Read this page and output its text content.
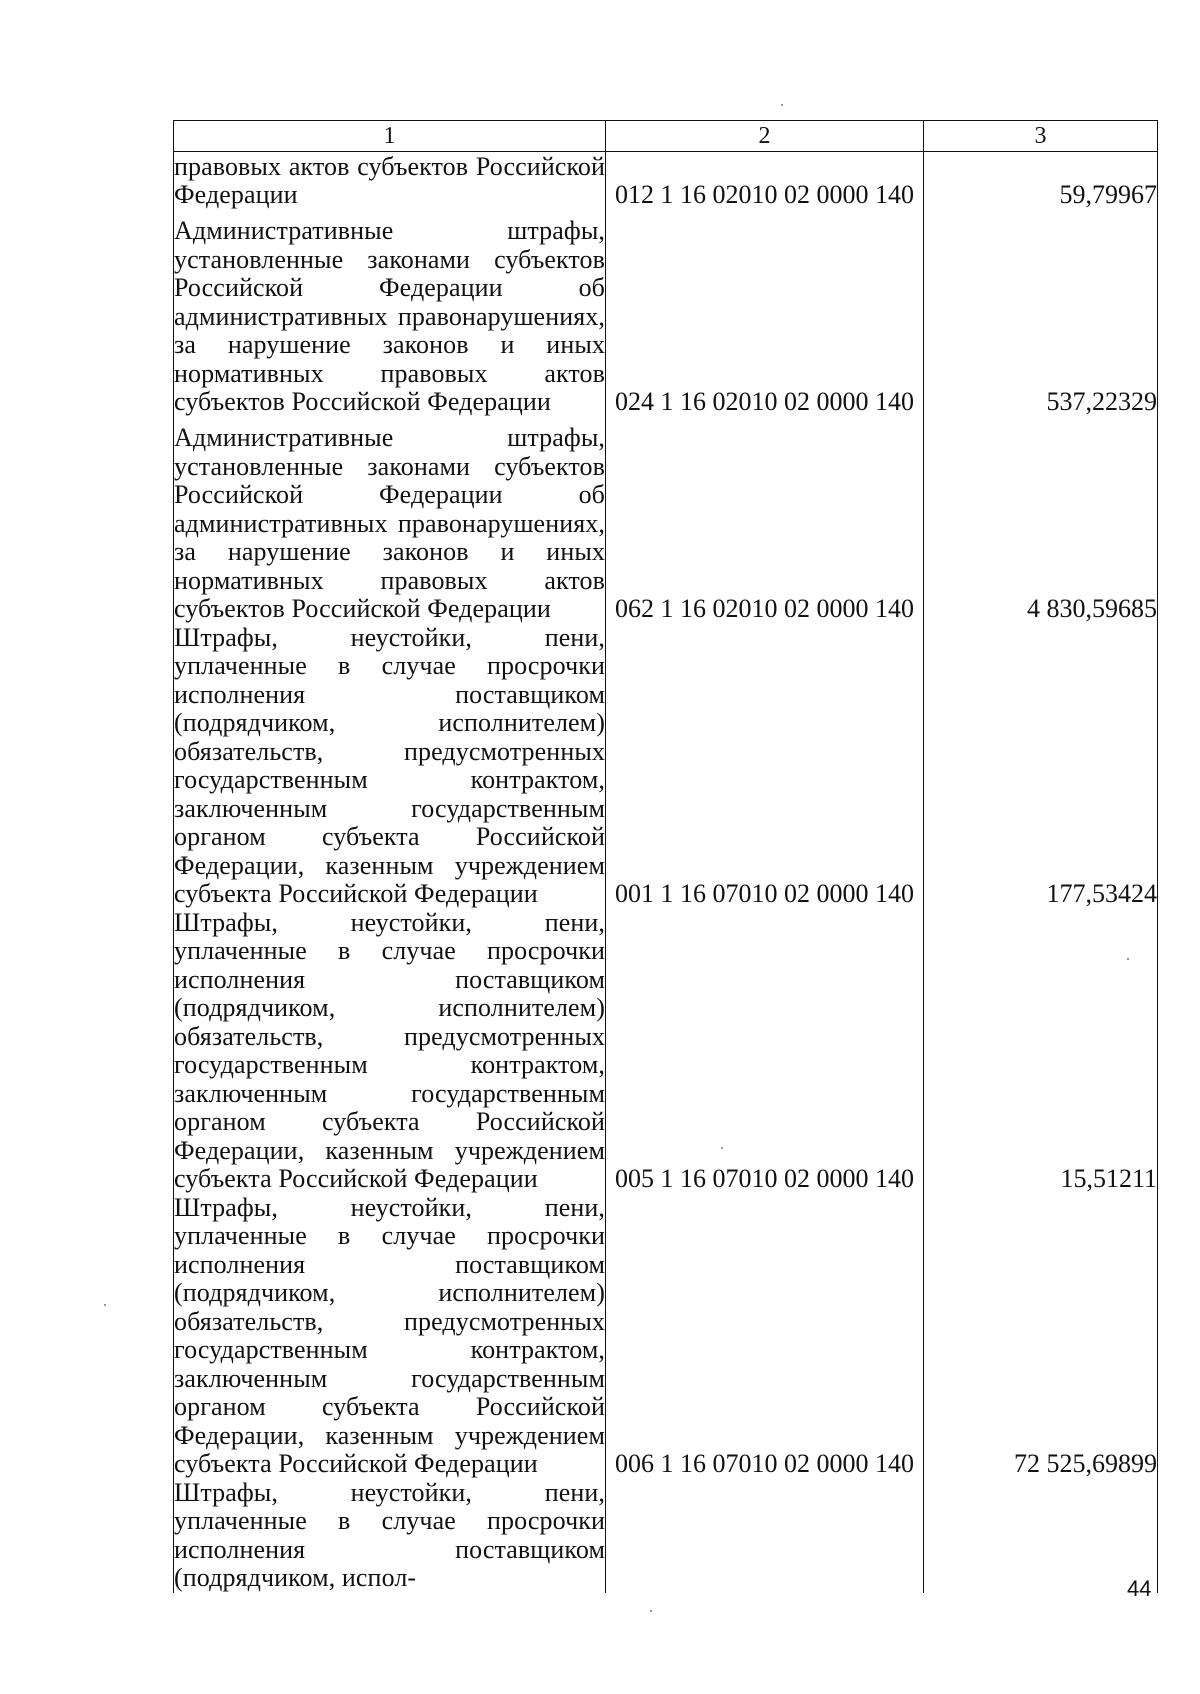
1	2	3
правовых актов субъектов Российской Федерации	012 1 16 02010 02 0000 140	59,79967
Административные штрафы, установленные законами субъектов Российской Федерации об административных правонарушениях, за нарушение законов и иных нормативных правовых актов субъектов Российской Федерации	024 1 16 02010 02 0000 140	537,22329
Административные штрафы, установленные законами субъектов Российской Федерации об административных правонарушениях, за нарушение законов и иных нормативных правовых актов субъектов Российской Федерации	062 1 16 02010 02 0000 140	4 830,59685
Штрафы, неустойки, пени, уплаченные в случае просрочки исполнения поставщиком (подрядчиком, исполнителем) обязательств, предусмотренных государственным контрактом, заключенным государственным органом субъекта Российской Федерации, казенным учреждением субъекта Российской Федерации	001 1 16 07010 02 0000 140	177,53424
Штрафы, неустойки, пени, уплаченные в случае просрочки исполнения поставщиком (подрядчиком, исполнителем) обязательств, предусмотренных государственным контрактом, заключенным государственным органом субъекта Российской Федерации, казенным учреждением субъекта Российской Федерации	005 1 16 07010 02 0000 140	15,51211
Штрафы, неустойки, пени, уплаченные в случае просрочки исполнения поставщиком (подрядчиком, исполнителем) обязательств, предусмотренных государственным контрактом, заключенным государственным органом субъекта Российской Федерации, казенным учреждением субъекта Российской Федерации	006 1 16 07010 02 0000 140	72 525,69899
Штрафы, неустойки, пени, уплаченные в случае просрочки исполнения поставщиком (подрядчиком, испол-			44
